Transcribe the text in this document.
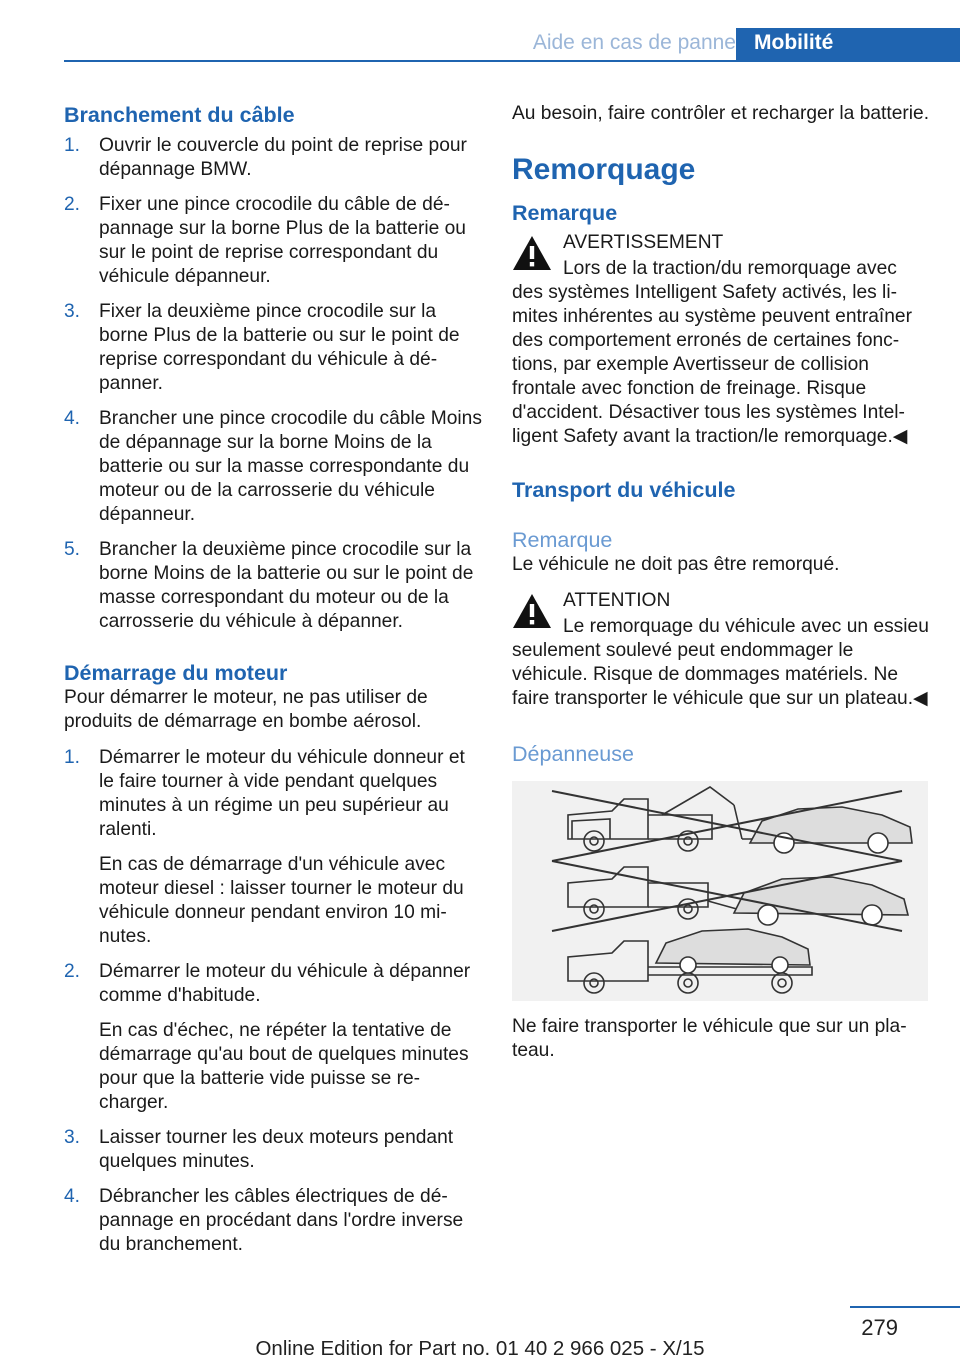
Aide en cas de panne Mobilité
Branchement du câble
1. Ouvrir le couvercle du point de reprise pour dépannage BMW.
2. Fixer une pince crocodile du câble de dépannage sur la borne Plus de la batterie ou sur le point de reprise correspondant du véhicule dépanneur.
3. Fixer la deuxième pince crocodile sur la borne Plus de la batterie ou sur le point de reprise correspondant du véhicule à dépanner.
4. Brancher une pince crocodile du câble Moins de dépannage sur la borne Moins de la batterie ou sur la masse correspondante du moteur ou de la carrosserie du véhicule dépanneur.
5. Brancher la deuxième pince crocodile sur la borne Moins de la batterie ou sur le point de masse correspondant du moteur ou de la carrosserie du véhicule à dépanner.
Démarrage du moteur

Pour démarrer le moteur, ne pas utiliser de produits de démarrage en bombe aérosol.

1. Démarrer le moteur du véhicule donneur et le faire tourner à vide pendant quelques minutes à un régime un peu supérieur au ralenti.
En cas de démarrage d'un véhicule avec moteur diesel : laisser tourner le moteur du véhicule donneur pendant environ 10 minutes.
2. Démarrer le moteur du véhicule à dépanner comme d'habitude.
En cas d'échec, ne répéter la tentative de démarrage qu'au bout de quelques minutes pour que la batterie vide puisse se recharger.
3. Laisser tourner les deux moteurs pendant quelques minutes.
4. Débrancher les câbles électriques de dépannage en procédant dans l'ordre inverse du branchement.

Au besoin, faire contrôler et recharger la batterie.

Remorquage
Remarque
AVERTISSEMENT
Lors de la traction/du remorquage avec des systèmes Intelligent Safety activés, les limites inhérentes au système peuvent entraîner des comportement erronés de certaines fonctions, par exemple Avertisseur de collision frontale avec fonction de freinage. Risque d'accident. Désactiver tous les systèmes Intelligent Safety avant la traction/le remorquage.◀
Transport du véhicule
Remarque

Le véhicule ne doit pas être remorqué.

ATTENTION
Le remorquage du véhicule avec un essieu seulement soulevé peut endommager le véhicule. Risque de dommages matériels. Ne faire transporter le véhicule que sur un plateau.◀
Dépanneuse

Ne faire transporter le véhicule que sur un plateau.

279
Online Edition for Part no. 01 40 2 966 025 - X/15
